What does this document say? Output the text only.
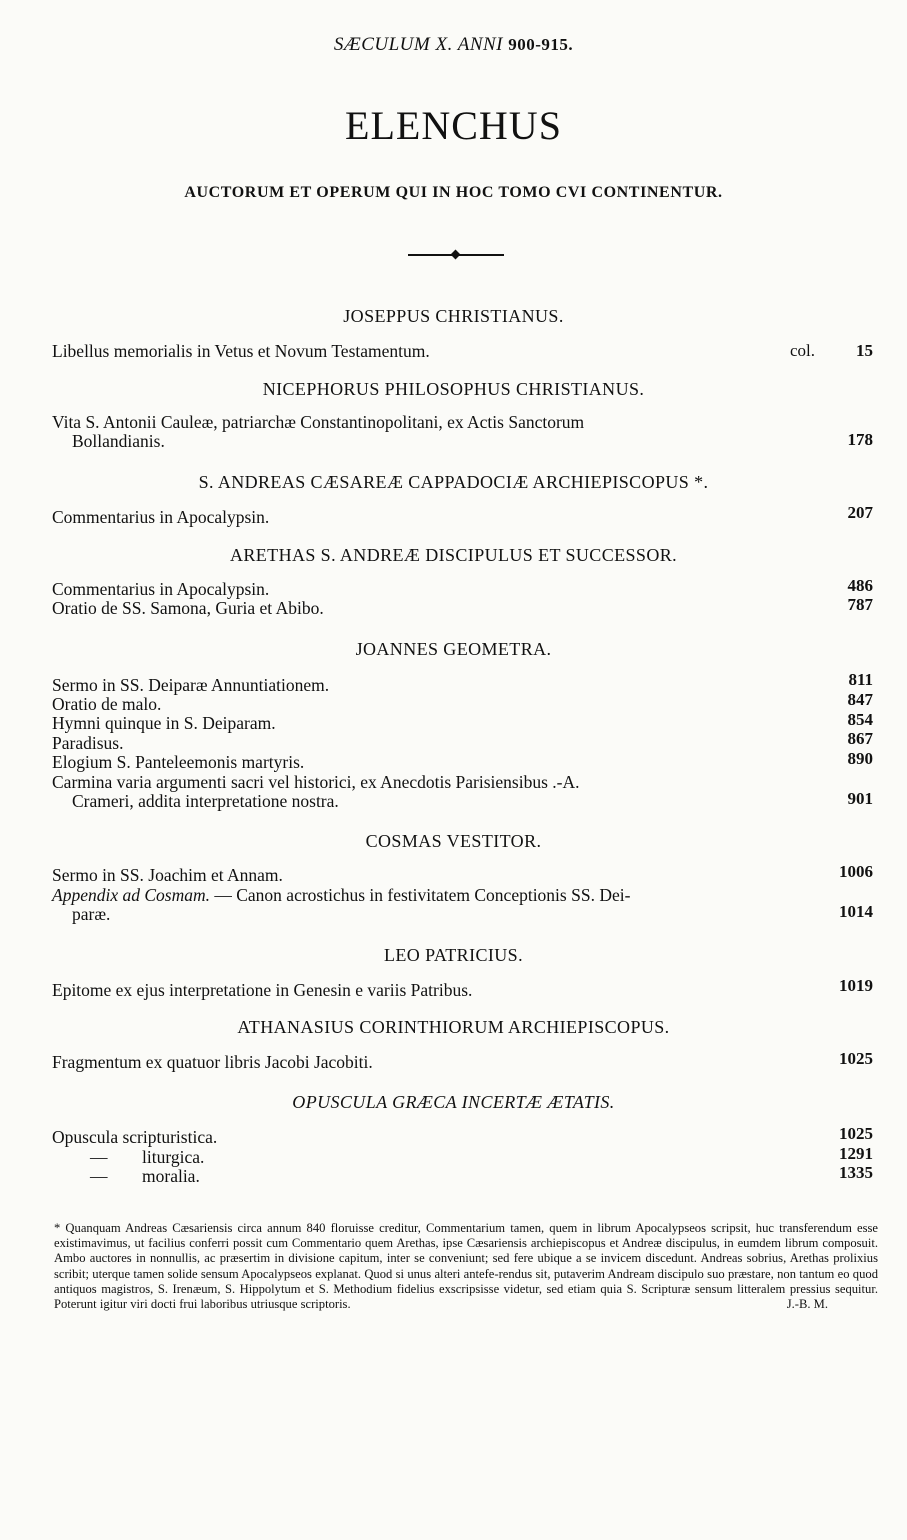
SÆCULUM X. ANNI 900-915.
ELENCHUS
AUCTORUM ET OPERUM QUI IN HOC TOMO CVI CONTINENTUR.
JOSEPPUS CHRISTIANUS.
Libellus memorialis in Vetus et Novum Testamentum.	col.	15
NICEPHORUS PHILOSOPHUS CHRISTIANUS.
Vita S. Antonii Cauleæ, patriarchæ Constantinopolitani, ex Actis Sanctorum
Bollandianis.	178
S. ANDREAS CÆSAREÆ CAPPADOCIÆ ARCHIEPISCOPUS *.
Commentarius in Apocalypsin.	207
ARETHAS S. ANDREÆ DISCIPULUS ET SUCCESSOR.
Commentarius in Apocalypsin.	486
Oratio de SS. Samona, Guria et Abibo.	787
JOANNES GEOMETRA.
Sermo in SS. Deiparæ Annuntiationem.	811
Oratio de malo.	847
Hymni quinque in S. Deiparam.	854
Paradisus.	867
Elogium S. Panteleemonis martyris.	890
Carmina varia argumenti sacri vel historici, ex Anecdotis Parisiensibus .-A.
Crameri, addita interpretatione nostra.	901
COSMAS VESTITOR.
Sermo in SS. Joachim et Annam.	1006
Appendix ad Cosmam. — Canon acrostichus in festivitatem Conceptionis SS. Dei-
paræ.	1014
LEO PATRICIUS.
Epitome ex ejus interpretatione in Genesin e variis Patribus.	1019
ATHANASIUS CORINTHIORUM ARCHIEPISCOPUS.
Fragmentum ex quatuor libris Jacobi Jacobiti.	1025
OPUSCULA GRÆCA INCERTÆ ÆTATIS.
Opuscula scripturistica.	1025
— liturgica.	1291
— moralia.	1335
* Quanquam Andreas Cæsariensis circa annum 840 floruisse creditur, Commentarium tamen, quem in librum Apocalypseos scripsit, huc transferendum esse existimavimus, ut facilius conferri possit cum Commentario quem Arethas, ipse Cæsariensis archiepiscopus et Andreæ discipulus, in eumdem librum composuit. Ambo auctores in nonnullis, ac præsertim in divisione capitum, inter se conveniunt; sed fere ubique a se invicem discedunt. Andreas sobrius, Arethas prolixius scribit; uterque tamen solide sensum Apocalypseos explanat. Quod si unus alteri antefe-rendus sit, putaverim Andream discipulo suo præstare, non tantum eo quod antiquos magistros, S. Irenæum, S. Hippolytum et S. Methodium fidelius exscripsisse videtur, sed etiam quia S. Scripturæ sensum litteralem pressius sequitur. Poterunt igitur viri docti frui laboribus utriusque scriptoris.	J.-B. M.
